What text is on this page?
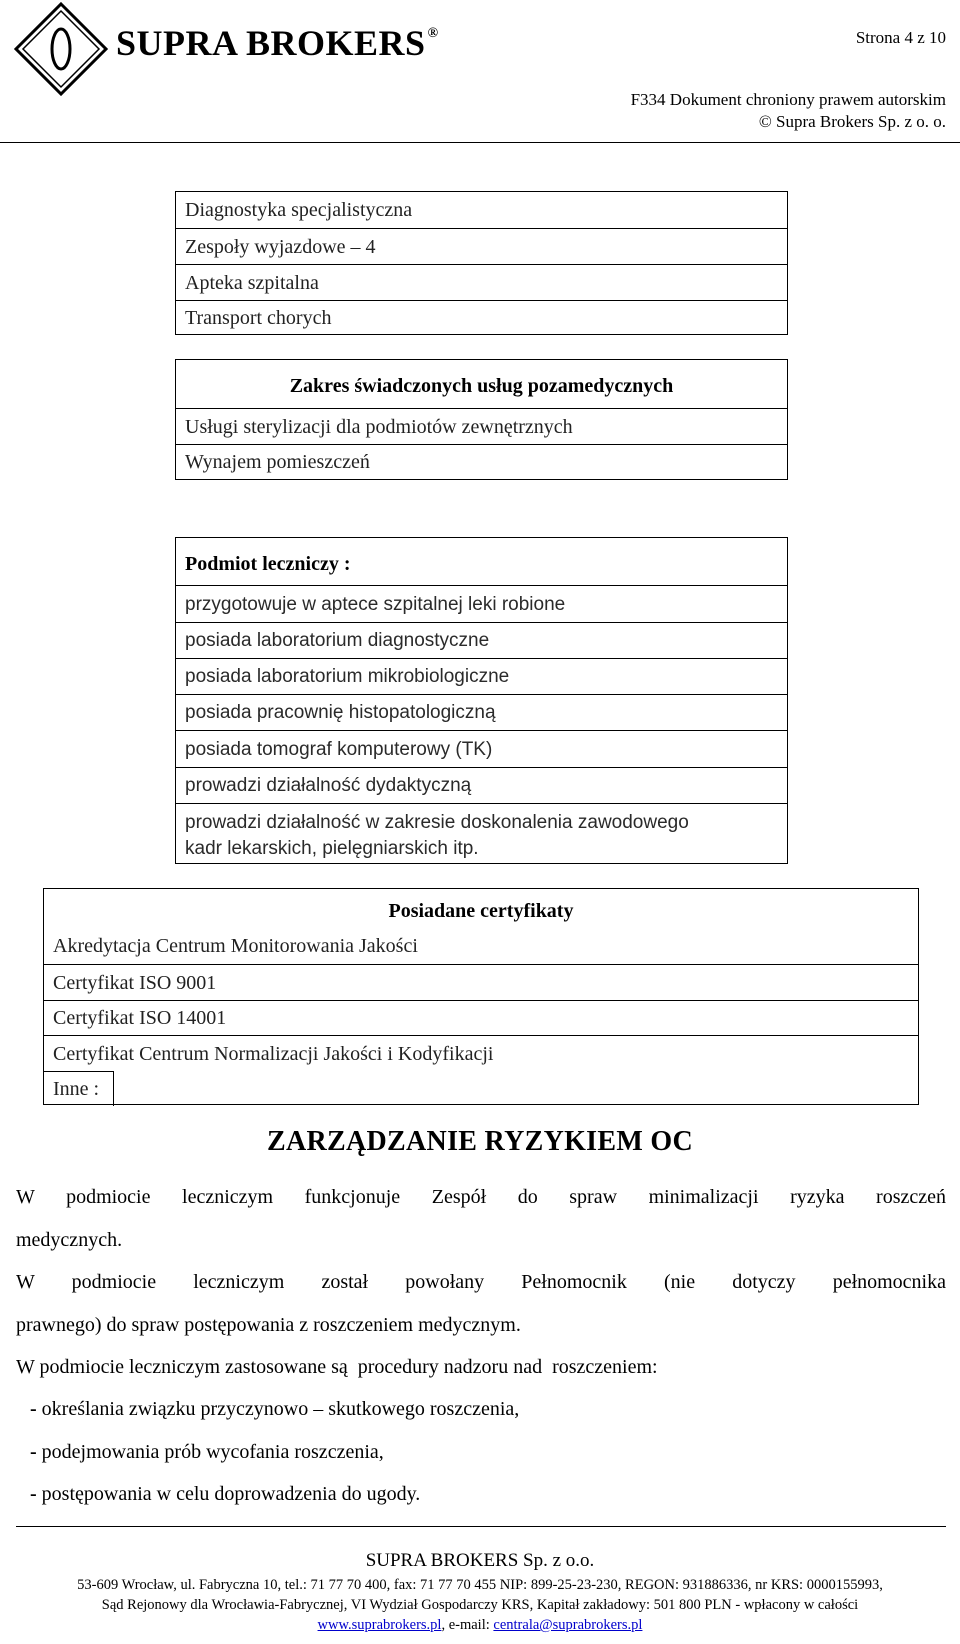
SUPRA BROKERS ®	Strona 4 z 10
F334 Dokument chroniony prawem autorskim
© Supra Brokers Sp. z o. o.
Diagnostyka specjalistyczna
Zespoły wyjazdowe – 4
Apteka szpitalna
Transport chorych
Zakres świadczonych usług pozamedycznych
Usługi sterylizacji dla podmiotów zewnętrznych
Wynajem pomieszczeń
Podmiot leczniczy :
przygotowuje w aptece szpitalnej leki robione
posiada laboratorium diagnostyczne
posiada laboratorium mikrobiologiczne
posiada pracownię histopatologiczną
posiada tomograf komputerowy (TK)
prowadzi działalność dydaktyczną
prowadzi działalność w zakresie doskonalenia zawodowego
kadr lekarskich, pielęgniarskich itp.
Posiadane certyfikaty
Akredytacja Centrum Monitorowania Jakości
Certyfikat ISO 9001
Certyfikat ISO 14001
Certyfikat Centrum Normalizacji Jakości i Kodyfikacji
Inne :
ZARZĄDZANIE RYZYKIEM OC
W podmiocie leczniczym funkcjonuje Zespół do spraw minimalizacji ryzyka roszczeń
medycznych.
W podmiocie leczniczym został powołany Pełnomocnik (nie dotyczy pełnomocnika
prawnego) do spraw postępowania z roszczeniem medycznym.
W podmiocie leczniczym zastosowane są  procedury nadzoru nad  roszczeniem:
- określania związku przyczynowo – skutkowego roszczenia,
- podejmowania prób wycofania roszczenia,
- postępowania w celu doprowadzenia do ugody.
SUPRA BROKERS Sp. z o.o.
53-609 Wrocław, ul. Fabryczna 10, tel.: 71 77 70 400, fax: 71 77 70 455 NIP: 899-25-23-230, REGON: 931886336, nr KRS: 0000155993,
Sąd Rejonowy dla Wrocławia-Fabrycznej, VI Wydział Gospodarczy KRS, Kapitał zakładowy: 501 800 PLN - wpłacony w całości
www.suprabrokers.pl, e-mail: centrala@suprabrokers.pl
